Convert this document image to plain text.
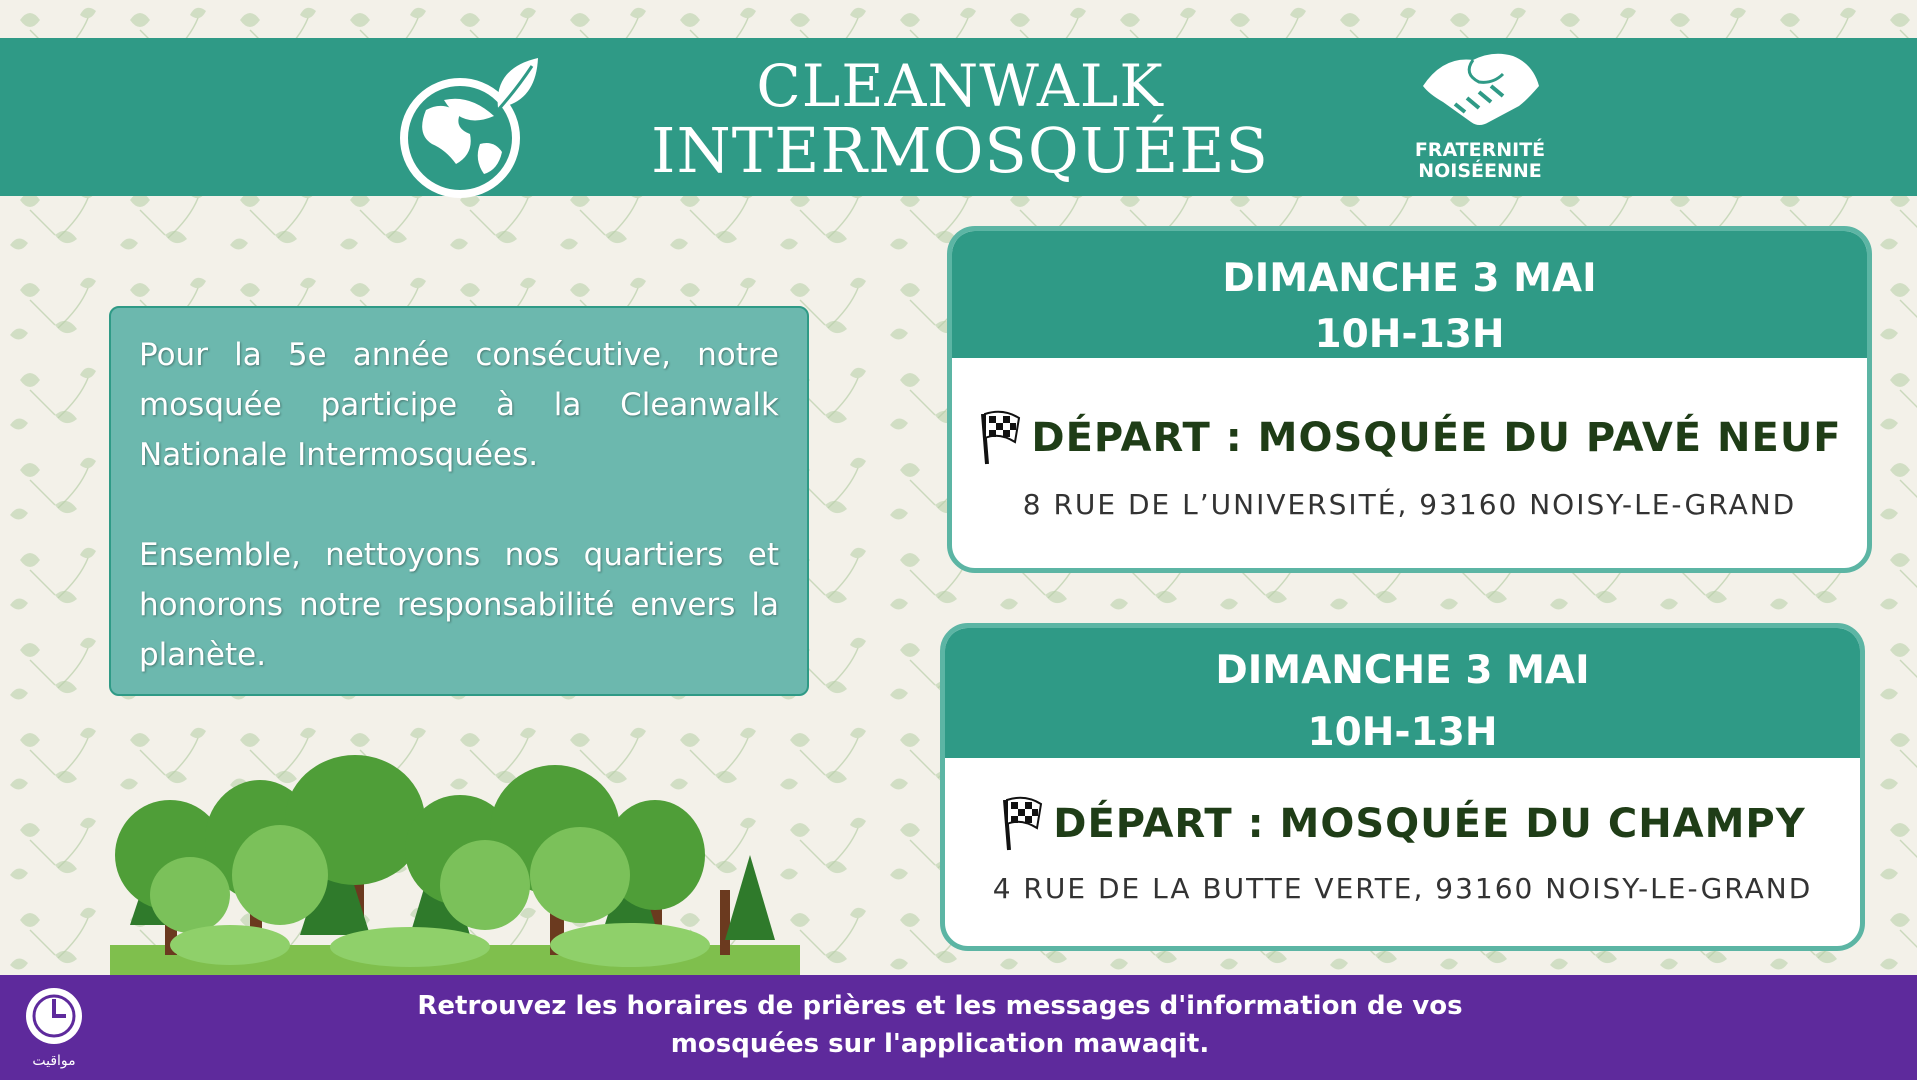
CLEANWALK
INTERMOSQUÉES	FRATERNITÉ
NOISÉENNE

Pour la 5e année consécutive, notre mosquée participe à la Cleanwalk Nationale Intermosquées.

Ensemble, nettoyons nos quartiers et honorons notre responsabilité envers la planète.

DIMANCHE 3 MAI
10H-13H
DÉPART : MOSQUÉE DU PAVÉ NEUF
8 RUE DE L’UNIVERSITÉ, 93160 NOISY-LE-GRAND
DIMANCHE 3 MAI
10H-13H
DÉPART : MOSQUÉE DU CHAMPY
4 RUE DE LA BUTTE VERTE, 93160 NOISY-LE-GRAND
مواقيت
Retrouvez les horaires de prières et les messages d'information de vos
mosquées sur l'application mawaqit.
